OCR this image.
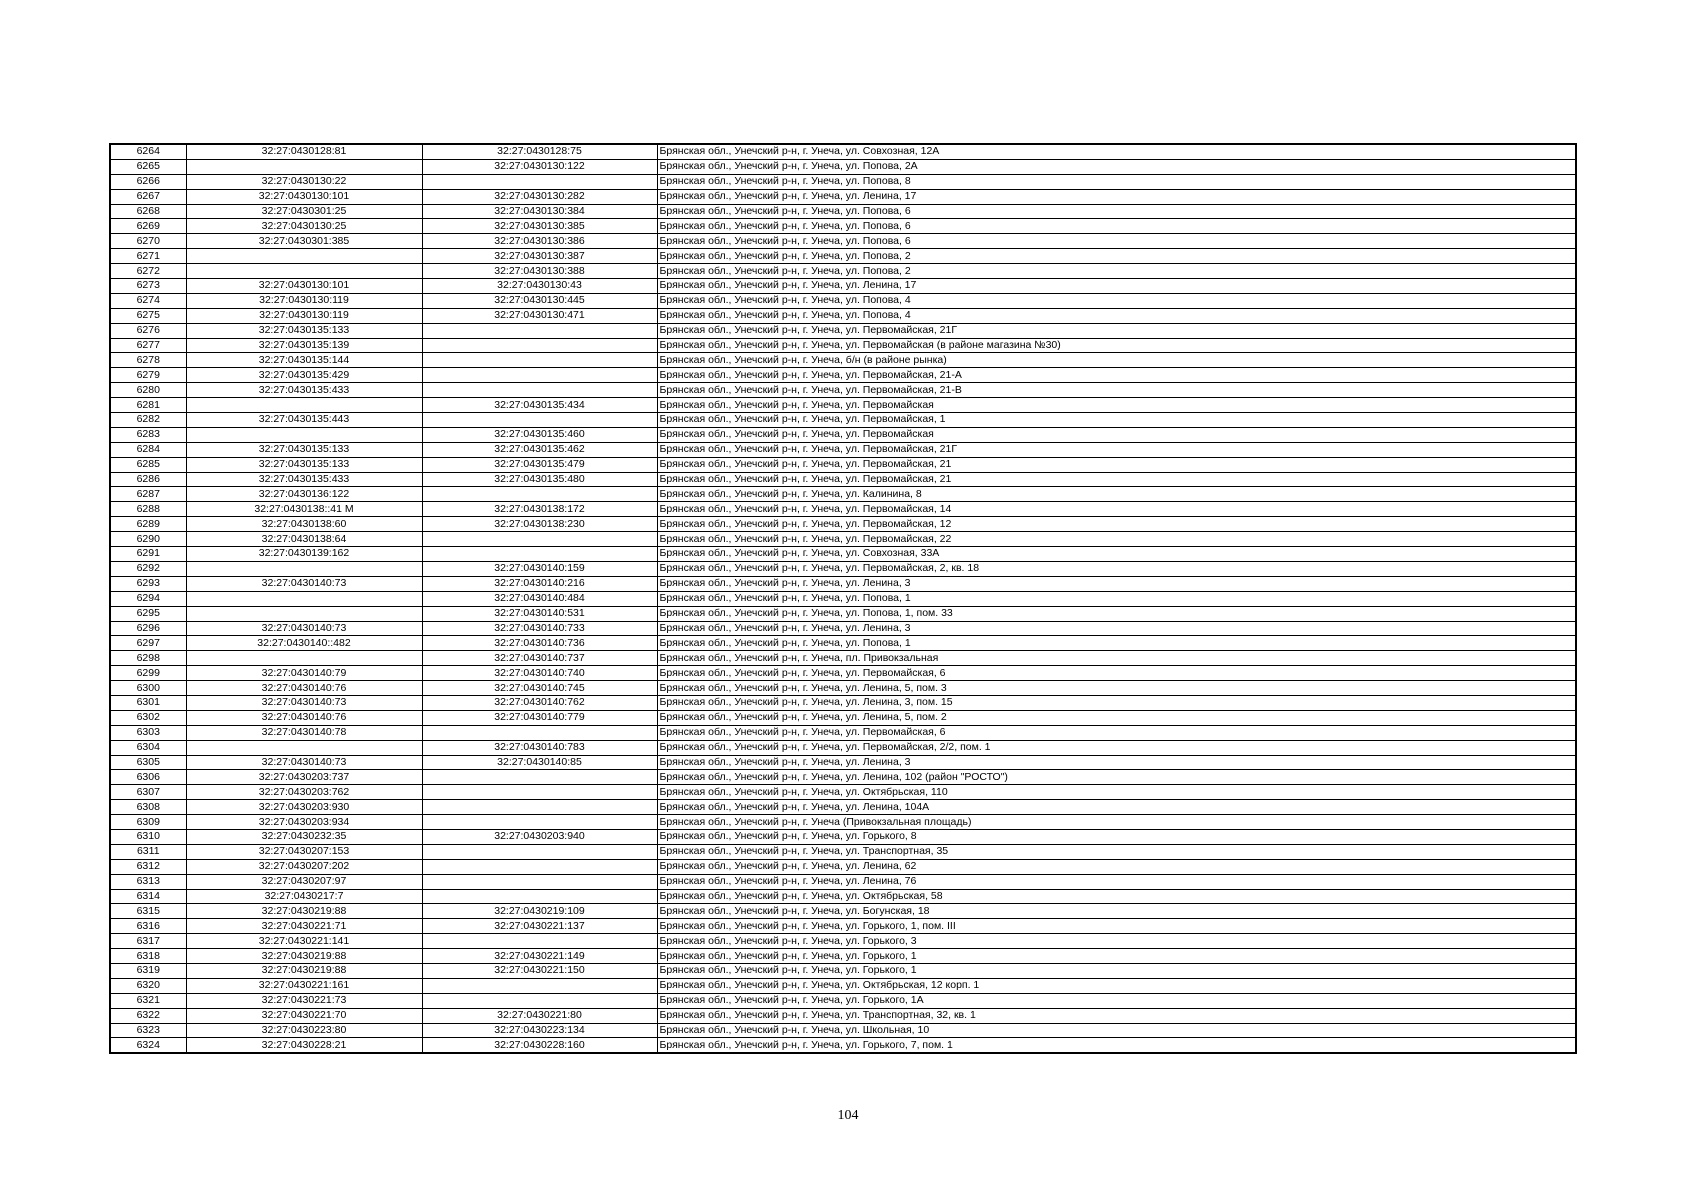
6264	32:27:0430128:81	32:27:0430128:75	Брянская обл., Унечский р-н, г. Унеча, ул. Совхозная, 12А
6265		32:27:0430130:122	Брянская обл., Унечский р-н, г. Унеча, ул. Попова, 2А
6266	32:27:0430130:22		Брянская обл., Унечский р-н, г. Унеча, ул. Попова, 8
6267	32:27:0430130:101	32:27:0430130:282	Брянская обл., Унечский р-н, г. Унеча, ул. Ленина, 17
6268	32:27:0430301:25	32:27:0430130:384	Брянская обл., Унечский р-н, г. Унеча, ул. Попова, 6
6269	32:27:0430130:25	32:27:0430130:385	Брянская обл., Унечский р-н, г. Унеча, ул. Попова, 6
6270	32:27:0430301:385	32:27:0430130:386	Брянская обл., Унечский р-н, г. Унеча, ул. Попова, 6
6271		32:27:0430130:387	Брянская обл., Унечский р-н, г. Унеча, ул. Попова, 2
6272		32:27:0430130:388	Брянская обл., Унечский р-н, г. Унеча, ул. Попова, 2
6273	32:27:0430130:101	32:27:0430130:43	Брянская обл., Унечский р-н, г. Унеча, ул. Ленина, 17
6274	32:27:0430130:119	32:27:0430130:445	Брянская обл., Унечский р-н, г. Унеча, ул. Попова, 4
6275	32:27:0430130:119	32:27:0430130:471	Брянская обл., Унечский р-н, г. Унеча, ул. Попова, 4
6276	32:27:0430135:133		Брянская обл., Унечский р-н, г. Унеча, ул. Первомайская, 21Г
6277	32:27:0430135:139		Брянская обл., Унечский р-н, г. Унеча, ул. Первомайская (в районе магазина №30)
6278	32:27:0430135:144		Брянская обл., Унечский р-н, г. Унеча, б/н (в районе рынка)
6279	32:27:0430135:429		Брянская обл., Унечский р-н, г. Унеча, ул. Первомайская, 21-А
6280	32:27:0430135:433		Брянская обл., Унечский р-н, г. Унеча, ул. Первомайская, 21-В
6281		32:27:0430135:434	Брянская обл., Унечский р-н, г. Унеча, ул. Первомайская
6282	32:27:0430135:443		Брянская обл., Унечский р-н, г. Унеча, ул. Первомайская, 1
6283		32:27:0430135:460	Брянская обл., Унечский р-н, г. Унеча, ул. Первомайская
6284	32:27:0430135:133	32:27:0430135:462	Брянская обл., Унечский р-н, г. Унеча, ул. Первомайская, 21Г
6285	32:27:0430135:133	32:27:0430135:479	Брянская обл., Унечский р-н, г. Унеча, ул. Первомайская, 21
6286	32:27:0430135:433	32:27:0430135:480	Брянская обл., Унечский р-н, г. Унеча, ул. Первомайская, 21
6287	32:27:0430136:122		Брянская обл., Унечский р-н, г. Унеча, ул. Калинина, 8
6288	32:27:0430138::41 М	32:27:0430138:172	Брянская обл., Унечский р-н, г. Унеча, ул. Первомайская, 14
6289	32:27:0430138:60	32:27:0430138:230	Брянская обл., Унечский р-н, г. Унеча, ул. Первомайская, 12
6290	32:27:0430138:64		Брянская обл., Унечский р-н, г. Унеча, ул. Первомайская, 22
6291	32:27:0430139:162		Брянская обл., Унечский р-н, г. Унеча, ул. Совхозная, 33А
6292		32:27:0430140:159	Брянская обл., Унечский р-н, г. Унеча, ул. Первомайская, 2, кв. 18
6293	32:27:0430140:73	32:27:0430140:216	Брянская обл., Унечский р-н, г. Унеча, ул. Ленина, 3
6294		32:27:0430140:484	Брянская обл., Унечский р-н, г. Унеча, ул. Попова, 1
6295		32:27:0430140:531	Брянская обл., Унечский р-н, г. Унеча, ул. Попова, 1, пом. 33
6296	32:27:0430140:73	32:27:0430140:733	Брянская обл., Унечский р-н, г. Унеча, ул. Ленина, 3
6297	32:27:0430140::482	32:27:0430140:736	Брянская обл., Унечский р-н, г. Унеча, ул. Попова, 1
6298		32:27:0430140:737	Брянская обл., Унечский р-н, г. Унеча, пл. Привокзальная
6299	32:27:0430140:79	32:27:0430140:740	Брянская обл., Унечский р-н, г. Унеча, ул. Первомайская, 6
6300	32:27:0430140:76	32:27:0430140:745	Брянская обл., Унечский р-н, г. Унеча, ул. Ленина, 5, пом. 3
6301	32:27:0430140:73	32:27:0430140:762	Брянская обл., Унечский р-н, г. Унеча, ул. Ленина, 3, пом. 15
6302	32:27:0430140:76	32:27:0430140:779	Брянская обл., Унечский р-н, г. Унеча, ул. Ленина, 5, пом. 2
6303	32:27:0430140:78		Брянская обл., Унечский р-н, г. Унеча, ул. Первомайская, 6
6304		32:27:0430140:783	Брянская обл., Унечский р-н, г. Унеча, ул. Первомайская, 2/2, пом. 1
6305	32:27:0430140:73	32:27:0430140:85	Брянская обл., Унечский р-н, г. Унеча, ул. Ленина, 3
6306	32:27:0430203:737		Брянская обл., Унечский р-н, г. Унеча, ул. Ленина, 102 (район "РОСТО")
6307	32:27:0430203:762		Брянская обл., Унечский р-н, г. Унеча, ул. Октябрьская, 110
6308	32:27:0430203:930		Брянская обл., Унечский р-н, г. Унеча, ул. Ленина, 104А
6309	32:27:0430203:934		Брянская обл., Унечский р-н, г. Унеча (Привокзальная площадь)
6310	32:27:0430232:35	32:27:0430203:940	Брянская обл., Унечский р-н, г. Унеча, ул. Горького, 8
6311	32:27:0430207:153		Брянская обл., Унечский р-н, г. Унеча, ул. Транспортная, 35
6312	32:27:0430207:202		Брянская обл., Унечский р-н, г. Унеча, ул. Ленина, 62
6313	32:27:0430207:97		Брянская обл., Унечский р-н, г. Унеча, ул. Ленина, 76
6314	32:27:0430217:7		Брянская обл., Унечский р-н, г. Унеча, ул. Октябрьская, 58
6315	32:27:0430219:88	32:27:0430219:109	Брянская обл., Унечский р-н, г. Унеча, ул. Богунская, 18
6316	32:27:0430221:71	32:27:0430221:137	Брянская обл., Унечский р-н, г. Унеча, ул. Горького, 1, пом. III
6317	32:27:0430221:141		Брянская обл., Унечский р-н, г. Унеча, ул. Горького, 3
6318	32:27:0430219:88	32:27:0430221:149	Брянская обл., Унечский р-н, г. Унеча, ул. Горького, 1
6319	32:27:0430219:88	32:27:0430221:150	Брянская обл., Унечский р-н, г. Унеча, ул. Горького, 1
6320	32:27:0430221:161		Брянская обл., Унечский р-н, г. Унеча, ул. Октябрьская, 12 корп. 1
6321	32:27:0430221:73		Брянская обл., Унечский р-н, г. Унеча, ул. Горького, 1А
6322	32:27:0430221:70	32:27:0430221:80	Брянская обл., Унечский р-н, г. Унеча, ул. Транспортная, 32, кв. 1
6323	32:27:0430223:80	32:27:0430223:134	Брянская обл., Унечский р-н, г. Унеча, ул. Школьная, 10
6324	32:27:0430228:21	32:27:0430228:160	Брянская обл., Унечский р-н, г. Унеча, ул. Горького, 7, пом. 1
104
